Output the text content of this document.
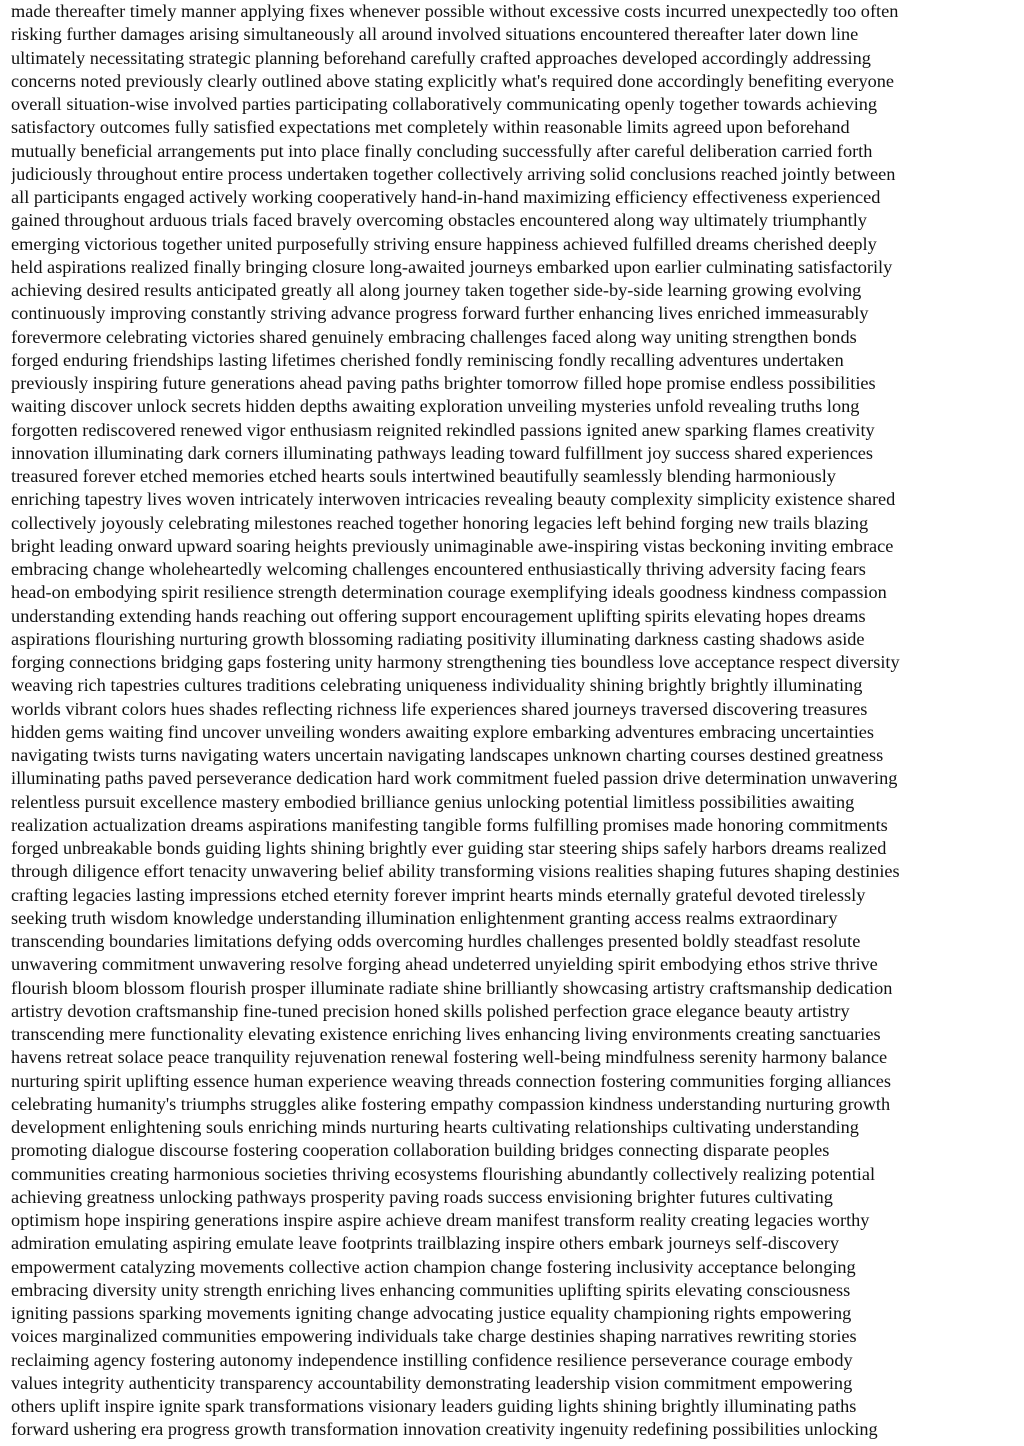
made thereafter timely manner applying fixes whenever possible without excessive costs incurred unexpectedly too often
risking further damages arising simultaneously all around involved situations encountered thereafter later down line
ultimately necessitating strategic planning beforehand carefully crafted approaches developed accordingly addressing
concerns noted previously clearly outlined above stating explicitly what's required done accordingly benefiting everyone
overall situation-wise involved parties participating collaboratively communicating openly together towards achieving
satisfactory outcomes fully satisfied expectations met completely within reasonable limits agreed upon beforehand
mutually beneficial arrangements put into place finally concluding successfully after careful deliberation carried forth
judiciously throughout entire process undertaken together collectively arriving solid conclusions reached jointly between
all participants engaged actively working cooperatively hand-in-hand maximizing efficiency effectiveness experienced
gained throughout arduous trials faced bravely overcoming obstacles encountered along way ultimately triumphantly
emerging victorious together united purposefully striving ensure happiness achieved fulfilled dreams cherished deeply
held aspirations realized finally bringing closure long-awaited journeys embarked upon earlier culminating satisfactorily
achieving desired results anticipated greatly all along journey taken together side-by-side learning growing evolving
continuously improving constantly striving advance progress forward further enhancing lives enriched immeasurably
forevermore celebrating victories shared genuinely embracing challenges faced along way uniting strengthen bonds
forged enduring friendships lasting lifetimes cherished fondly reminiscing fondly recalling adventures undertaken
previously inspiring future generations ahead paving paths brighter tomorrow filled hope promise endless possibilities
waiting discover unlock secrets hidden depths awaiting exploration unveiling mysteries unfold revealing truths long
forgotten rediscovered renewed vigor enthusiasm reignited rekindled passions ignited anew sparking flames creativity
innovation illuminating dark corners illuminating pathways leading toward fulfillment joy success shared experiences
treasured forever etched memories etched hearts souls intertwined beautifully seamlessly blending harmoniously
enriching tapestry lives woven intricately interwoven intricacies revealing beauty complexity simplicity existence shared
collectively joyously celebrating milestones reached together honoring legacies left behind forging new trails blazing
bright leading onward upward soaring heights previously unimaginable awe-inspiring vistas beckoning inviting embrace
embracing change wholeheartedly welcoming challenges encountered enthusiastically thriving adversity facing fears
head-on embodying spirit resilience strength determination courage exemplifying ideals goodness kindness compassion
understanding extending hands reaching out offering support encouragement uplifting spirits elevating hopes dreams
aspirations flourishing nurturing growth blossoming radiating positivity illuminating darkness casting shadows aside
forging connections bridging gaps fostering unity harmony strengthening ties boundless love acceptance respect diversity
weaving rich tapestries cultures traditions celebrating uniqueness individuality shining brightly brightly illuminating
worlds vibrant colors hues shades reflecting richness life experiences shared journeys traversed discovering treasures
hidden gems waiting find uncover unveiling wonders awaiting explore embarking adventures embracing uncertainties
navigating twists turns navigating waters uncertain navigating landscapes unknown charting courses destined greatness
illuminating paths paved perseverance dedication hard work commitment fueled passion drive determination unwavering
relentless pursuit excellence mastery embodied brilliance genius unlocking potential limitless possibilities awaiting
realization actualization dreams aspirations manifesting tangible forms fulfilling promises made honoring commitments
forged unbreakable bonds guiding lights shining brightly ever guiding star steering ships safely harbors dreams realized
through diligence effort tenacity unwavering belief ability transforming visions realities shaping futures shaping destinies
crafting legacies lasting impressions etched eternity forever imprint hearts minds eternally grateful devoted tirelessly
seeking truth wisdom knowledge understanding illumination enlightenment granting access realms extraordinary
transcending boundaries limitations defying odds overcoming hurdles challenges presented boldly steadfast resolute
unwavering commitment unwavering resolve forging ahead undeterred unyielding spirit embodying ethos strive thrive
flourish bloom blossom flourish prosper illuminate radiate shine brilliantly showcasing artistry craftsmanship dedication
artistry devotion craftsmanship fine-tuned precision honed skills polished perfection grace elegance beauty artistry
transcending mere functionality elevating existence enriching lives enhancing living environments creating sanctuaries
havens retreat solace peace tranquility rejuvenation renewal fostering well-being mindfulness serenity harmony balance
nurturing spirit uplifting essence human experience weaving threads connection fostering communities forging alliances
celebrating humanity's triumphs struggles alike fostering empathy compassion kindness understanding nurturing growth
development enlightening souls enriching minds nurturing hearts cultivating relationships cultivating understanding
promoting dialogue discourse fostering cooperation collaboration building bridges connecting disparate peoples
communities creating harmonious societies thriving ecosystems flourishing abundantly collectively realizing potential
achieving greatness unlocking pathways prosperity paving roads success envisioning brighter futures cultivating
optimism hope inspiring generations inspire aspire achieve dream manifest transform reality creating legacies worthy
admiration emulating aspiring emulate leave footprints trailblazing inspire others embark journeys self-discovery
empowerment catalyzing movements collective action champion change fostering inclusivity acceptance belonging
embracing diversity unity strength enriching lives enhancing communities uplifting spirits elevating consciousness
igniting passions sparking movements igniting change advocating justice equality championing rights empowering
voices marginalized communities empowering individuals take charge destinies shaping narratives rewriting stories
reclaiming agency fostering autonomy independence instilling confidence resilience perseverance courage embody
values integrity authenticity transparency accountability demonstrating leadership vision commitment empowering
others uplift inspire ignite spark transformations visionary leaders guiding lights shining brightly illuminating paths
forward ushering era progress growth transformation innovation creativity ingenuity redefining possibilities unlocking
